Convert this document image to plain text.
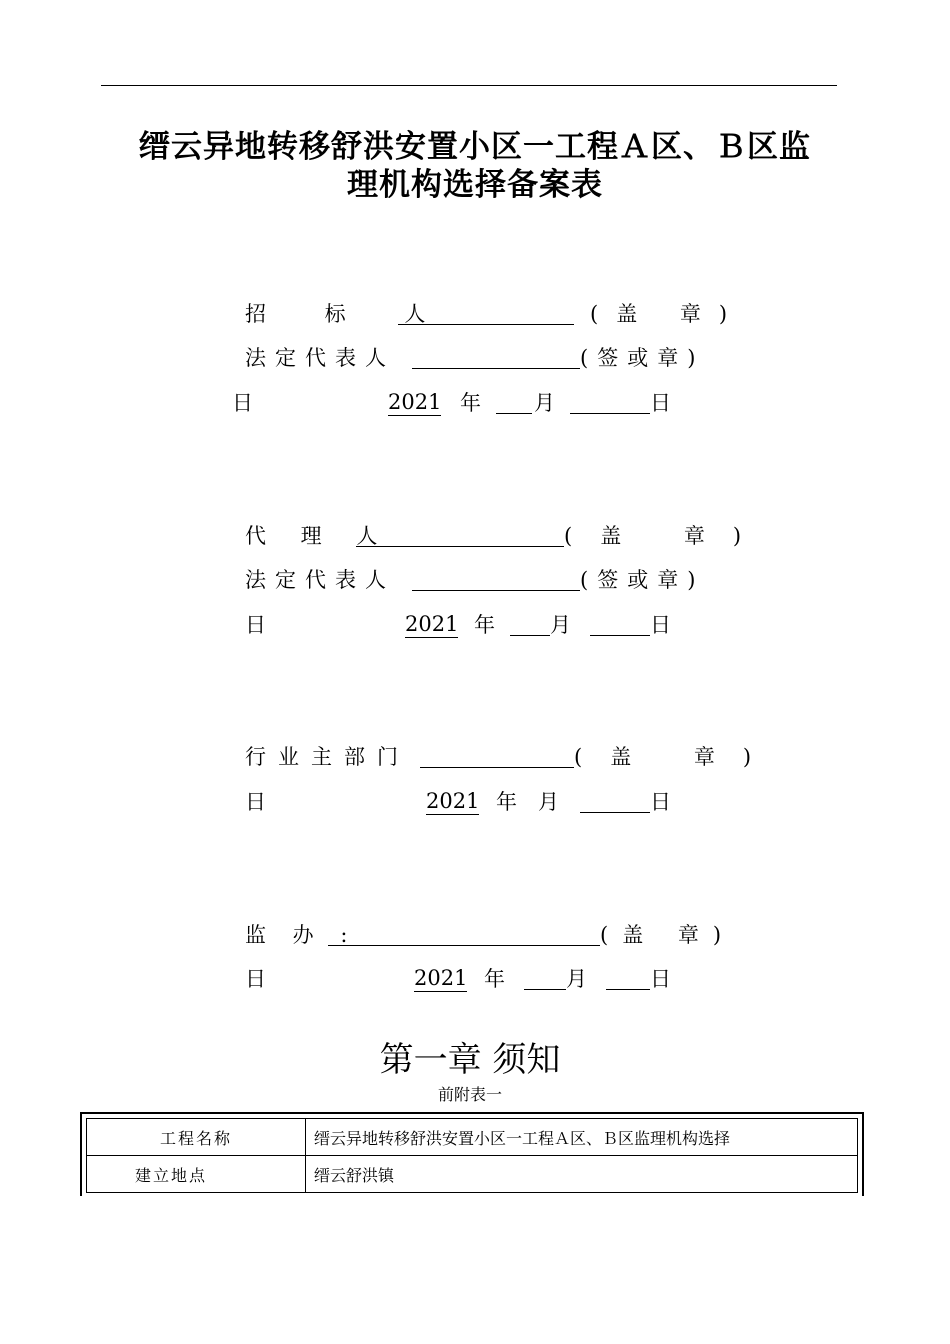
缙云异地转移舒洪安置小区一工程Ａ区、Ｂ区监
理机构选择备案表
招 标 人	(盖 章)
法定代表人	(签或章)
日	2021 年	月	日
代 理 人	(盖 章)
法定代表人	(签或章)
日	2021 年	月	日
行业主部门	(盖 章)
日	2021 年 月	日
监 办 :	(盖 章)
日	2021 年	月	日
第一章 须知
前附表一
工程名称	缙云异地转移舒洪安置小区一工程Ａ区、Ｂ区监理机构选择
建立地点	缙云舒洪镇
